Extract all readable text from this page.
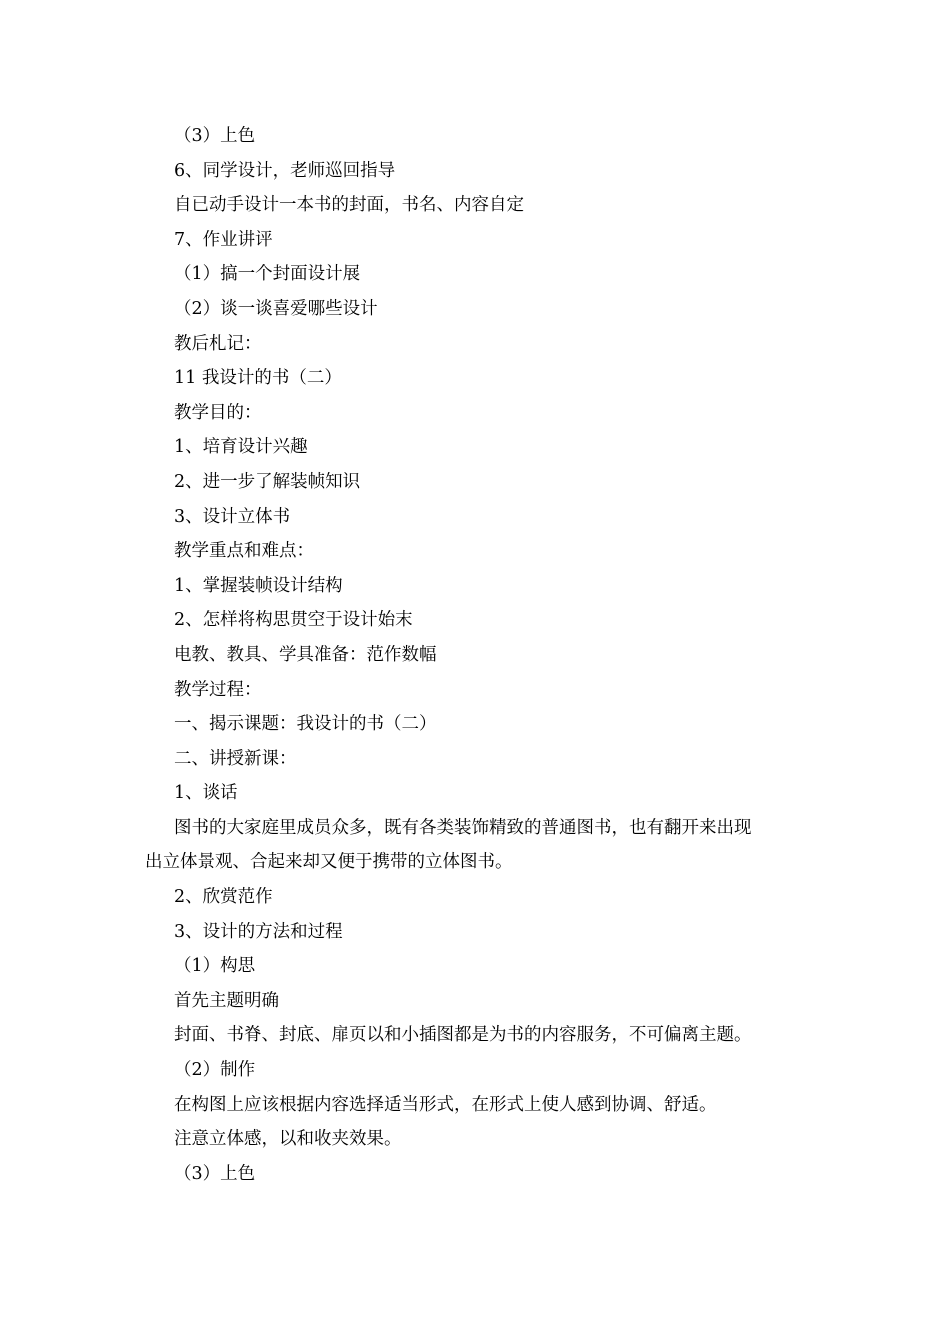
（3）上色
6、同学设计，老师巡回指导
自已动手设计一本书的封面，书名、内容自定
7、作业讲评
（1）搞一个封面设计展
（2）谈一谈喜爱哪些设计
教后札记：
11 我设计的书（二）
教学目的：
1、培育设计兴趣
2、进一步了解装帧知识
3、设计立体书
教学重点和难点：
1、掌握装帧设计结构
2、怎样将构思贯空于设计始末
电教、教具、学具准备：范作数幅
教学过程：
一、揭示课题：我设计的书（二）
二、讲授新课：
1、谈话
图书的大家庭里成员众多，既有各类装饰精致的普通图书，也有翻开来出现
出立体景观、合起来却又便于携带的立体图书。
2、欣赏范作
3、设计的方法和过程
（1）构思
首先主题明确
封面、书脊、封底、扉页以和小插图都是为书的内容服务，不可偏离主题。
（2）制作
在构图上应该根据内容选择适当形式，在形式上使人感到协调、舒适。
注意立体感，以和收夹效果。
（3）上色
